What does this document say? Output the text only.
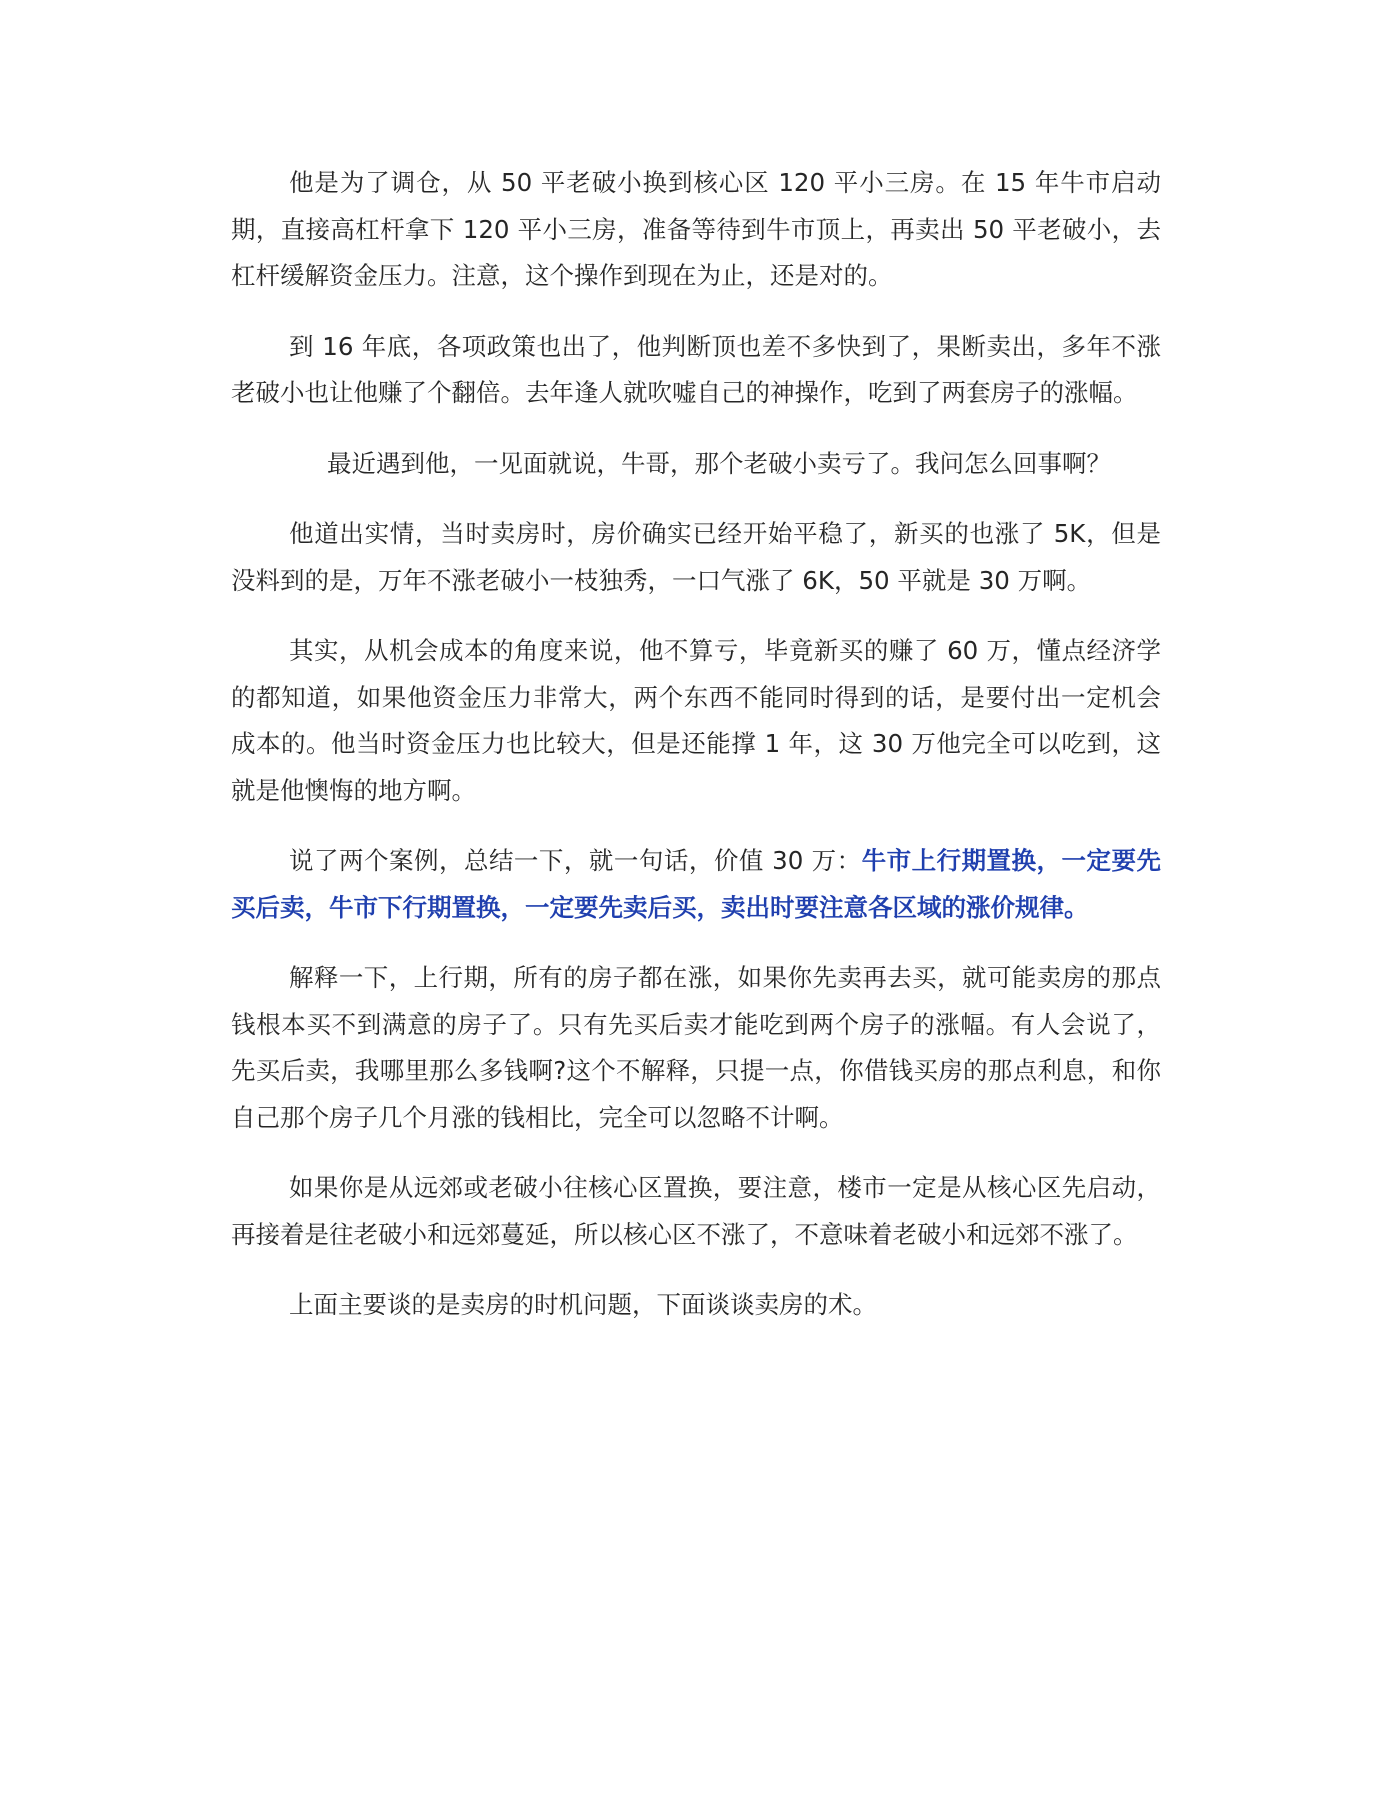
他是为了调仓，从 50 平老破小换到核心区 120 平小三房。在 15 年牛市启动期，直接高杠杆拿下 120 平小三房，准备等待到牛市顶上，再卖出 50 平老破小，去杠杆缓解资金压力。注意，这个操作到现在为止，还是对的。

到 16 年底，各项政策也出了，他判断顶也差不多快到了，果断卖出，多年不涨老破小也让他赚了个翻倍。去年逢人就吹嘘自己的神操作，吃到了两套房子的涨幅。

最近遇到他，一见面就说，牛哥，那个老破小卖亏了。我问怎么回事啊？

他道出实情，当时卖房时，房价确实已经开始平稳了，新买的也涨了 5K，但是没料到的是，万年不涨老破小一枝独秀，一口气涨了 6K，50 平就是 30 万啊。

其实，从机会成本的角度来说，他不算亏，毕竟新买的赚了 60 万，懂点经济学的都知道，如果他资金压力非常大，两个东西不能同时得到的话，是要付出一定机会成本的。他当时资金压力也比较大，但是还能撑 1 年，这 30 万他完全可以吃到，这就是他懊悔的地方啊。

说了两个案例，总结一下，就一句话，价值 30 万：牛市上行期置换，一定要先买后卖，牛市下行期置换，一定要先卖后买，卖出时要注意各区域的涨价规律。

解释一下，上行期，所有的房子都在涨，如果你先卖再去买，就可能卖房的那点钱根本买不到满意的房子了。只有先买后卖才能吃到两个房子的涨幅。有人会说了，先买后卖，我哪里那么多钱啊?这个不解释，只提一点，你借钱买房的那点利息，和你自己那个房子几个月涨的钱相比，完全可以忽略不计啊。

如果你是从远郊或老破小往核心区置换，要注意，楼市一定是从核心区先启动，再接着是往老破小和远郊蔓延，所以核心区不涨了，不意味着老破小和远郊不涨了。

上面主要谈的是卖房的时机问题，下面谈谈卖房的术。
